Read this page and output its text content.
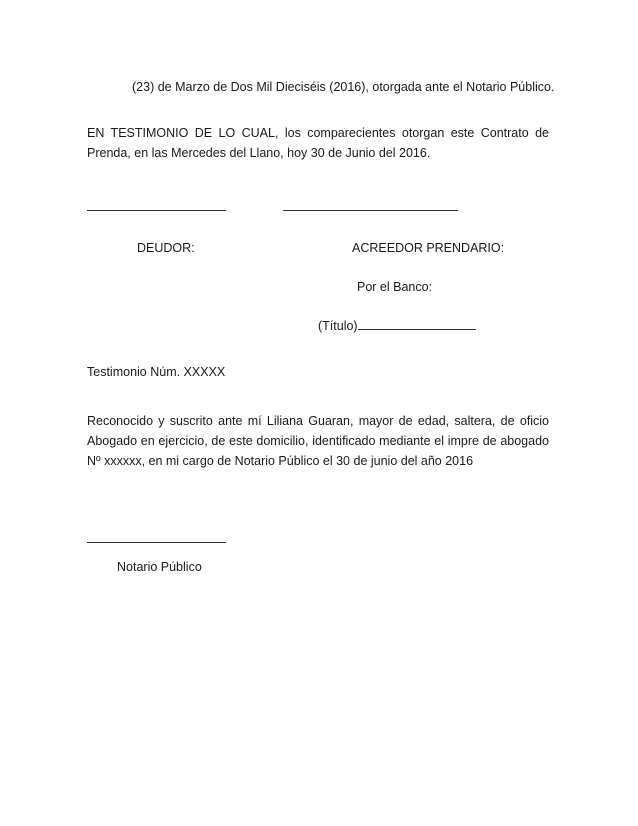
(23) de Marzo de Dos Mil Dieciséis (2016), otorgada ante el Notario Público.
EN TESTIMONIO DE LO CUAL, los comparecientes otorgan este Contrato de Prenda, en las Mercedes del Llano, hoy 30 de Junio del 2016.
DEUDOR:	ACREEDOR PRENDARIO:
Por el Banco:
(Título)
Testimonio Núm. XXXXX
Reconocido y suscrito ante mí Liliana Guaran, mayor de edad, saltera, de oficio Abogado en ejercicio, de este domicilio, identificado mediante el impre de abogado Nº xxxxxx, en mi cargo de Notario Público el 30 de junio del año 2016
Notario Público
